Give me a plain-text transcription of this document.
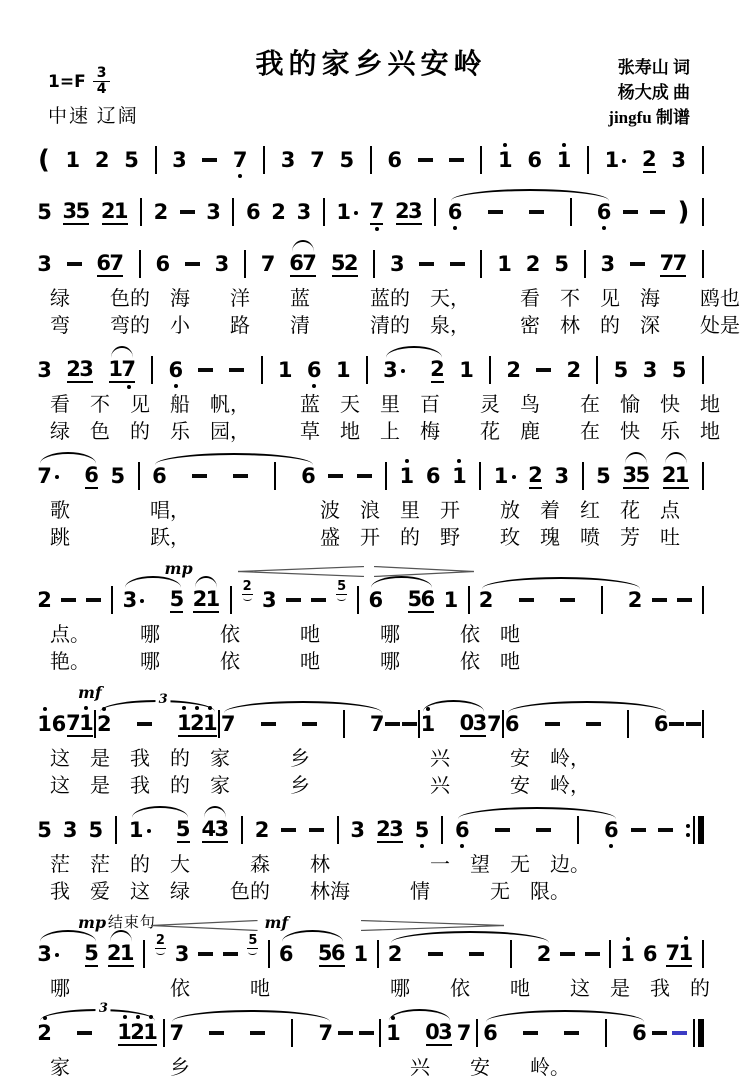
我的家乡兴安岭
$1=F \frac{3}{4}$
中速 辽阔
张寿山 词
杨大成 曲
jingfu 制谱
( 1 2 5 3 7 3 7 5 6	1 6 1 1 2 3
5 3
5 2
1 2 3 6 2 3 1 7 2
3 6	6	)
3 6
7 6 3 7 6
7 5
2 3	1 2 5 3 7
7
绿　　色的　海　　洋　　蓝　　　蓝的　天，　　　看　不　见　海　　鸥也
弯　　弯的　小　　路　　清　　　清的　泉，　　　密　林　的　深　　处是
3 2
3 1
7 6	1 6 1 3 2 1 2 2 5 3 5
看　不　见　船　帆，　　　蓝　天　里　百　　灵　鸟　　在　愉　快　地
绿　色　的　乐　园，　　　草　地　上　梅　　花　鹿　　在　快　乐　地
7 6 5 6	6	1 6 1 1 2 3 5 3
5 2
1
歌　　　　唱，　　　　　　　波　浪　里　开　　放　着　红　花　点
跳　　　　跃，　　　　　　　盛　开　的　野　　玫　瑰　喷　芳　吐
mp
2	3 5 2
1
2
3
5
6 5
6 1 2	2
点。　　　哪　　　依　　　吔　　　哪　　　依　吔
艳。　　　哪　　　依　　　吔　　　哪　　　依　吔
mf
1 6 7
1
3
2	1
2
1 7	7 1 0
3 7 6	6
这　是　我　的　家　　　乡　　　　　　兴　　　安　岭，
这　是　我　的　家　　　乡　　　　　　兴　　　安　岭，
5 3 5 1 5 4
3 2	3 2
3 5 6	6
茫　茫　的　大　　　森　　林　　　　　一　望　无　边。
我　爱　这　绿　　色的　　林海　　　情　　　无　限。
mp 结束句	mf
3 5 2
1
2
3
5
6 5
6 1 2	2	1 6 7
1
哪　　　　　依　　　吔　　　　　　哪　　依　　吔　　这　是　我　的
3
2	1
2
1 7	7	1 0
3 7 6	6
家　　　　　乡　　　　　　　　　　　兴　　安　　岭。
